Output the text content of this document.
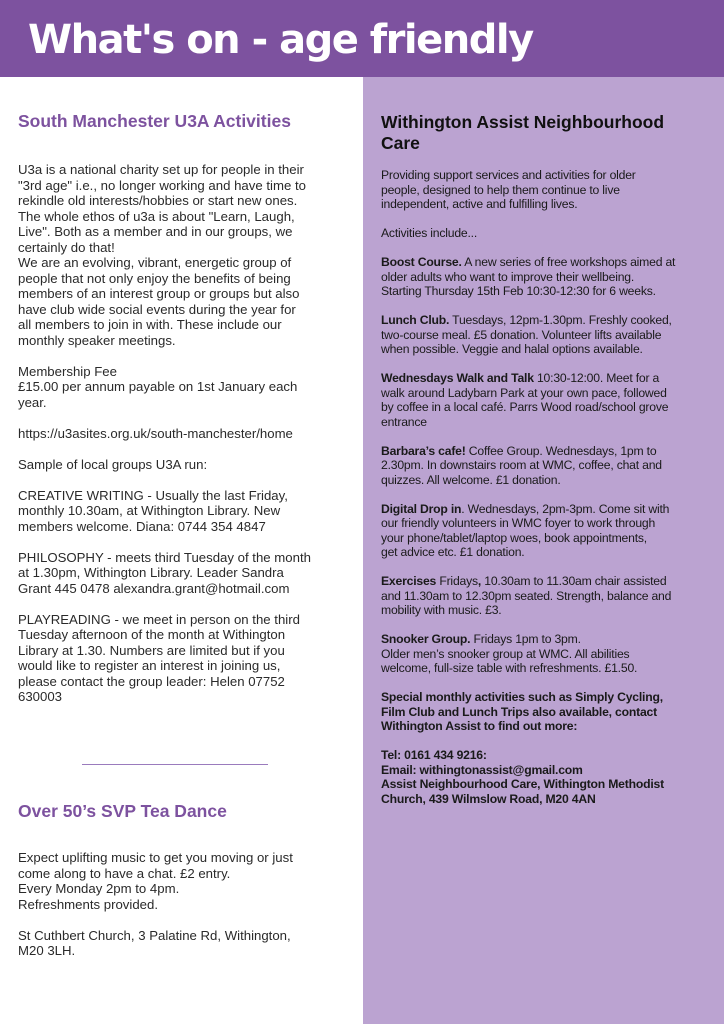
What's on - age friendly
South Manchester U3A Activities

U3a is a national charity set up for people in their
"3rd age" i.e., no longer working and have time to
rekindle old interests/hobbies or start new ones.
The whole ethos of u3a is about "Learn, Laugh,
Live". Both as a member and in our groups, we
certainly do that!
We are an evolving, vibrant, energetic group of
people that not only enjoy the benefits of being
members of an interest group or groups but also
have club wide social events during the year for
all members to join in with. These include our
monthly speaker meetings.

Membership Fee
£15.00 per annum payable on 1st January each
year.

https://u3asites.org.uk/south-manchester/home

Sample of local groups U3A run:

CREATIVE WRITING - Usually the last Friday,
monthly 10.30am, at Withington Library. New
members welcome. Diana: 0744 354 4847

PHILOSOPHY - meets third Tuesday of the month
at 1.30pm, Withington Library. Leader Sandra
Grant 445 0478 alexandra.grant@hotmail.com

PLAYREADING - we meet in person on the third
Tuesday afternoon of the month at Withington
Library at 1.30. Numbers are limited but if you
would like to register an interest in joining us,
please contact the group leader: Helen 07752
630003

Over 50’s SVP Tea Dance

Expect uplifting music to get you moving or just
come along to have a chat. £2 entry.
Every Monday 2pm to 4pm.
Refreshments provided.

St Cuthbert Church, 3 Palatine Rd, Withington,
M20 3LH.

Withington Assist Neighbourhood
Care

Providing support services and activities for older
people, designed to help them continue to live
independent, active and fulfilling lives.

Activities include...

Boost Course. A new series of free workshops aimed at
older adults who want to improve their wellbeing.
Starting Thursday 15th Feb 10:30-12:30 for 6 weeks.

Lunch Club. Tuesdays, 12pm-1.30pm. Freshly cooked,
two-course meal. £5 donation. Volunteer lifts available
when possible. Veggie and halal options available.

Wednesdays Walk and Talk 10:30-12:00. Meet for a
walk around Ladybarn Park at your own pace, followed
by coffee in a local café. Parrs Wood road/school grove
entrance

Barbara’s cafe! Coffee Group. Wednesdays, 1pm to
2.30pm. In downstairs room at WMC, coffee, chat and
quizzes. All welcome. £1 donation.

Digital Drop in. Wednesdays, 2pm-3pm. Come sit with
our friendly volunteers in WMC foyer to work through
your phone/tablet/laptop woes, book appointments,
get advice etc. £1 donation.

Exercises Fridays, 10.30am to 11.30am chair assisted
and 11.30am to 12.30pm seated. Strength, balance and
mobility with music. £3.

Snooker Group. Fridays 1pm to 3pm.
Older men’s snooker group at WMC. All abilities
welcome, full-size table with refreshments. £1.50.

Special monthly activities such as Simply Cycling,
Film Club and Lunch Trips also available, contact
Withington Assist to find out more:

Tel: 0161 434 9216:
Email: withingtonassist@gmail.com
Assist Neighbourhood Care, Withington Methodist
Church, 439 Wilmslow Road, M20 4AN
